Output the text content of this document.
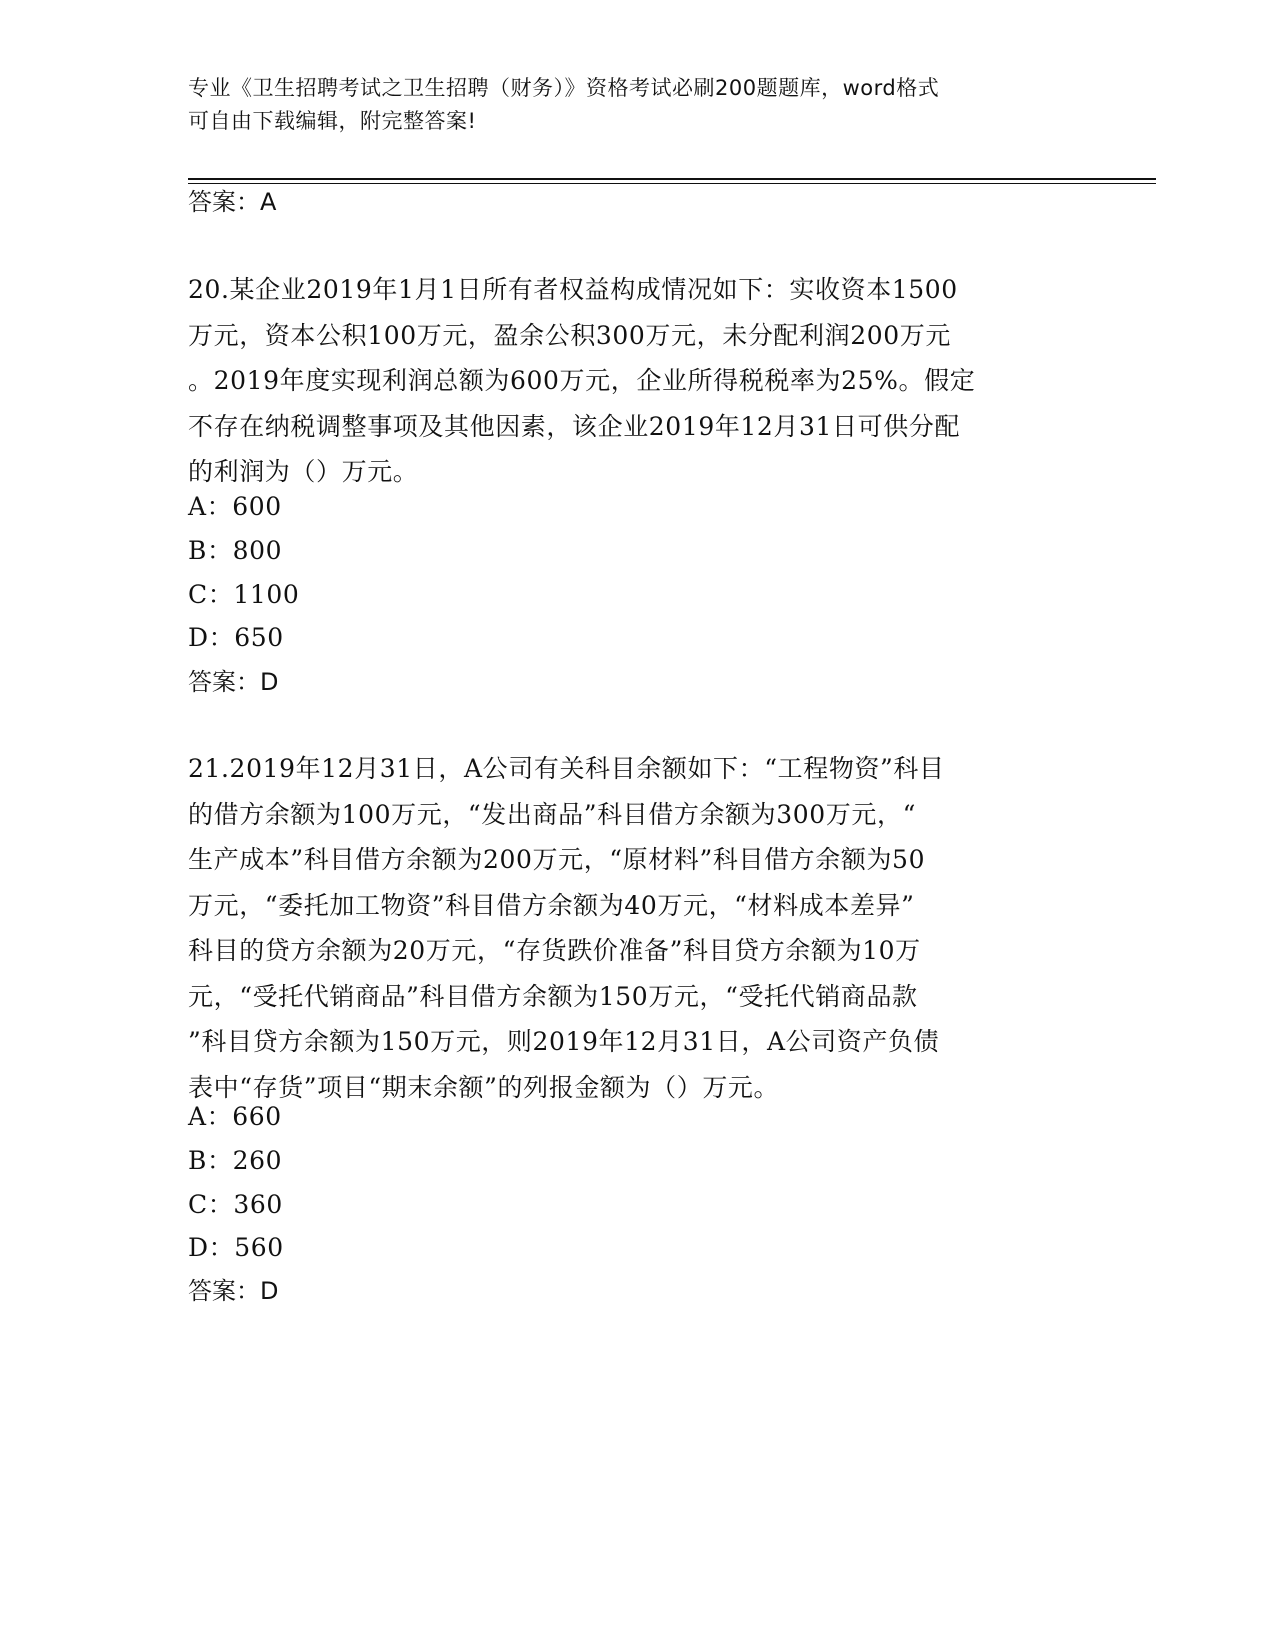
专业《卫生招聘考试之卫生招聘（财务）》资格考试必刷200题题库，word格式
可自由下载编辑，附完整答案!
答案：A
20.某企业2019年1月1日所有者权益构成情况如下：实收资本1500
万元，资本公积100万元，盈余公积300万元，未分配利润200万元
。2019年度实现利润总额为600万元，企业所得税税率为25%。假定
不存在纳税调整事项及其他因素，该企业2019年12月31日可供分配
的利润为（）万元。
A：600
B：800
C：1100
D：650
答案：D
21.2019年12月31日，A公司有关科目余额如下：“工程物资”科目
的借方余额为100万元，“发出商品”科目借方余额为300万元，“
生产成本”科目借方余额为200万元，“原材料”科目借方余额为50
万元，“委托加工物资”科目借方余额为40万元，“材料成本差异”
科目的贷方余额为20万元，“存货跌价准备”科目贷方余额为10万
元，“受托代销商品”科目借方余额为150万元，“受托代销商品款
”科目贷方余额为150万元，则2019年12月31日，A公司资产负债
表中“存货”项目“期末余额”的列报金额为（）万元。
A：660
B：260
C：360
D：560
答案：D
